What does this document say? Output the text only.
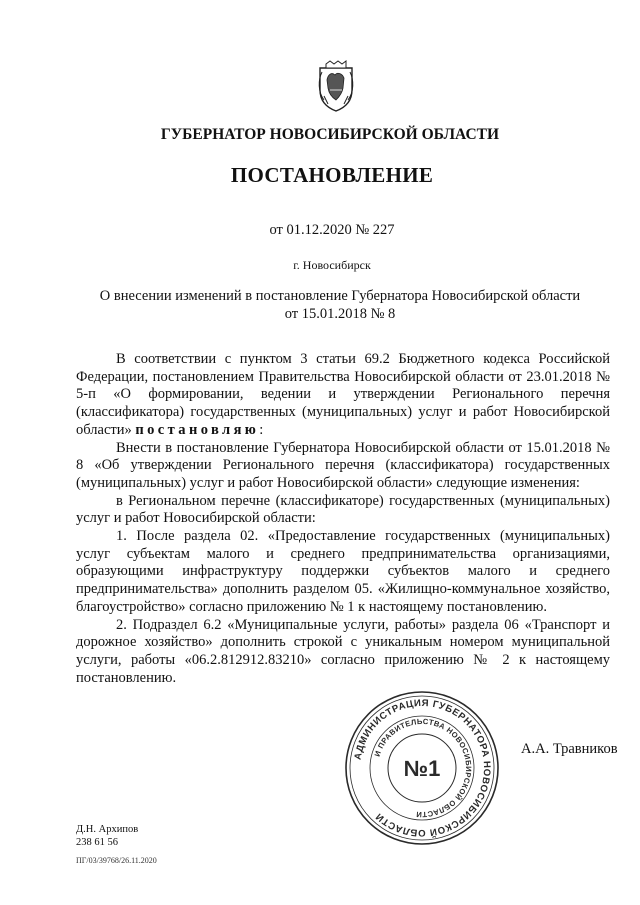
ГУБЕРНАТОР НОВОСИБИРСКОЙ ОБЛАСТИ
ПОСТАНОВЛЕНИЕ
от 01.12.2020 № 227
г. Новосибирск
О внесении изменений в постановление Губернатора Новосибирской области
от 15.01.2018 № 8

В соответствии с пунктом 3 статьи 69.2 Бюджетного кодекса Российской Федерации, постановлением Правительства Новосибирской области от 23.01.2018 № 5-п «О формировании, ведении и утверждении Регионального перечня (классификатора) государственных (муниципальных) услуг и работ Новосибирской области» постановляю:

Внести в постановление Губернатора Новосибирской области от 15.01.2018 № 8 «Об утверждении Регионального перечня (классификатора) государственных (муниципальных) услуг и работ Новосибирской области» следующие изменения:

в Региональном перечне (классификаторе) государственных (муниципальных) услуг и работ Новосибирской области:

1. После раздела 02. «Предоставление государственных (муниципальных) услуг субъектам малого и среднего предпринимательства организациями, образующими инфраструктуру поддержки субъектов малого и среднего предпринимательства» дополнить разделом 05. «Жилищно-коммунальное хозяйство, благоустройство» согласно приложению № 1 к настоящему постановлению.

2. Подраздел 6.2 «Муниципальные услуги, работы» раздела 06 «Транспорт и дорожное хозяйство» дополнить строкой с уникальным номером муниципальной услуги, работы «06.2.812912.83210» согласно приложению № 2 к настоящему постановлению.

АДМИНИСТРАЦИЯ ГУБЕРНАТОРА НОВОСИБИРСКОЙ ОБЛАСТИ
И ПРАВИТЕЛЬСТВА НОВОСИБИРСКОЙ ОБЛАСТИ
№1
А.А. Травников
Д.Н. Архипов
238 61 56
ПГ/03/39768/26.11.2020
